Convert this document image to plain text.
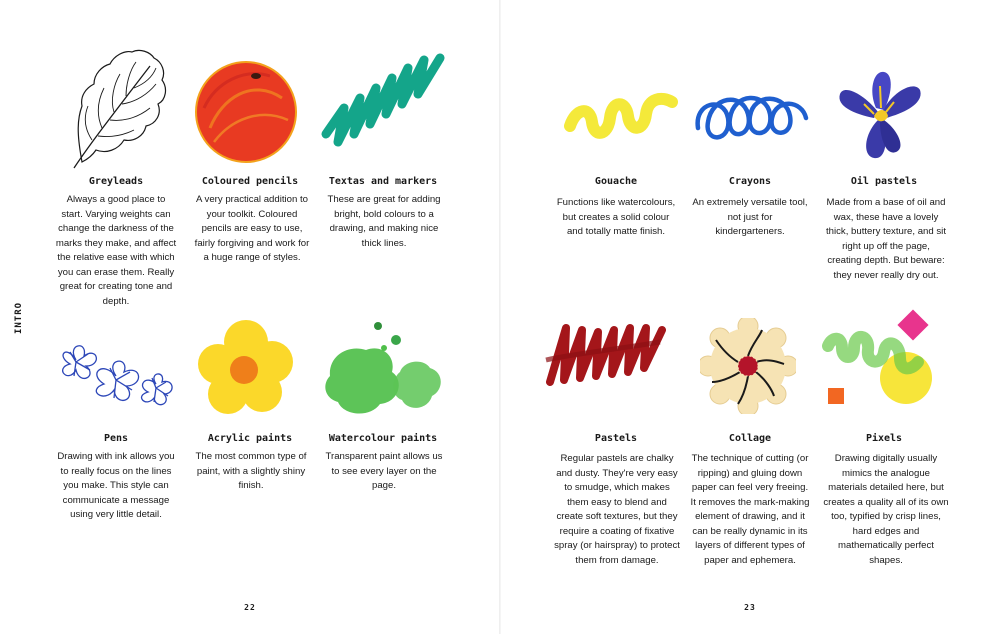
INTRO
Greyleads
Always a good place to start. Varying weights can change the darkness of the marks they make, and affect the relative ease with which you can erase them. Really great for creating tone and depth.
Coloured pencils
A very practical addition to your toolkit. Coloured pencils are easy to use, fairly forgiving and work for a huge range of styles.
Textas and markers
These are great for adding bright, bold colours to a drawing, and making nice thick lines.
Pens
Drawing with ink allows you to really focus on the lines you make. This style can communicate a message using very little detail.
Acrylic paints
The most common type of paint, with a slightly shiny finish.
Watercolour paints
Transparent paint allows us to see every layer on the page.
Gouache
Functions like watercolours, but creates a solid colour and totally matte finish.
Crayons
An extremely versatile tool, not just for kindergarteners.
Oil pastels
Made from a base of oil and wax, these have a lovely thick, buttery texture, and sit right up off the page, creating depth. But beware: they never really dry out.
Pastels
Regular pastels are chalky and dusty. They're very easy to smudge, which makes them easy to blend and create soft textures, but they require a coating of fixative spray (or hairspray) to protect them from damage.
Collage
The technique of cutting (or ripping) and gluing down paper can feel very freeing. It removes the mark-making element of drawing, and it can be really dynamic in its layers of different types of paper and ephemera.
Pixels
Drawing digitally usually mimics the analogue materials detailed here, but creates a quality all of its own too, typified by crisp lines, hard edges and mathematically perfect shapes.
22	23
